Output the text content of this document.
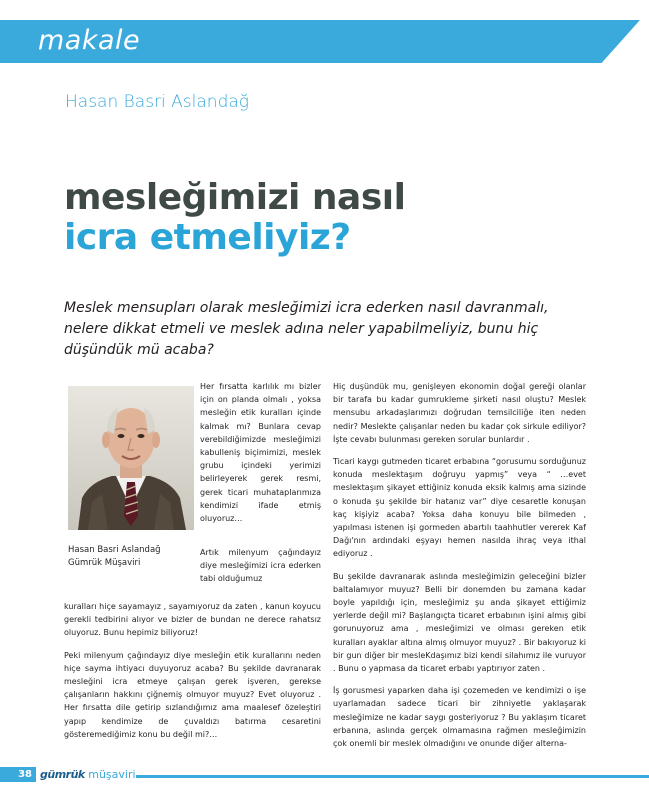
makale
Hasan Basri Aslandağ
mesleğimizi nasıl
icra etmeliyiz?
Meslek mensupları olarak mesleğimizi icra ederken nasıl davranmalı, nelere dikkat etmeli ve meslek adına neler yapabilmeliyiz, bunu hiç düşündük mü acaba?
Hasan Basri Aslandağ
Gümrük Müşaviri

Her fırsatta karlılık mı bizler için on planda olmalı , yoksa mesleğin etik kuralları içinde kalmak mı? Bunlara cevap verebildiğimizde mesleğimizi kabulleniş biçimimizi, meslek grubu içindeki yerimizi belirleyerek gerek resmi, gerek ticari muhataplarımıza kendimizi ifade etmiş oluyoruz…

Artık milenyum çağındayız diye mesleğimizi icra ederken tabi olduğumuz

kuralları hiçe sayamayız , sayamıyoruz da zaten , kanun koyucu gerekli tedbirini alıyor ve bizler de bundan ne derece rahatsız oluyoruz. Bunu hepimiz biliyoruz!

Peki milenyum çağındayız diye mesleğin etik kurallarını neden hiçe sayma ihtiyacı duyuyoruz acaba? Bu şekilde davranarak mesleğini icra etmeye çalışan gerek işveren, gerekse çalışanların hakkını çiğnemiş olmuyor muyuz? Evet oluyoruz . Her fırsatta dile getirip sızlandığımız ama maalesef özeleştiri yapıp kendimize de çuvaldızı batırma cesaretini gösteremediğimiz konu bu değil mi?…

Hiç duşündük mu, genişleyen ekonomin doğal gereği olanlar bir tarafa bu kadar gumrukleme şirketi nasıl oluştu? Meslek mensubu arkadaşlarımızı doğrudan temsilciliğe iten neden nedir? Meslekte çalışanlar neden bu kadar çok sirkule ediliyor? İşte cevabı bulunması gereken sorular bunlardır .

Ticari kaygı gutmeden ticaret erbabına “gorusumu sorduğunuz konuda meslektaşım doğruyu yapmış” veya “ …evet meslektaşım şikayet ettiğiniz konuda eksik kalmış ama sizinde o konuda şu şekilde bir hatanız var” diye cesaretle konuşan kaç kişiyiz acaba? Yoksa daha konuyu bile bilmeden , yapılması istenen işi gormeden abartılı taahhutler vererek Kaf Dağı'nın ardındaki eşyayı hemen nasılda ihraç veya ithal ediyoruz .

Bu şekilde davranarak aslında mesleğimizin geleceğini bizler baltalamıyor muyuz? Belli bir donemden bu zamana kadar boyle yapıldığı için, mesleğimiz şu anda şikayet ettiğimiz yerlerde değil mi? Başlangıçta ticaret erbabının işini almış gibi gorunuyoruz ama , mesleğimizi ve olması gereken etik kuralları ayaklar altına almış olmuyor muyuz? . Bir bakıyoruz ki bir gun diğer bir mesleKdaşımız bizi kendi silahımız ile vuruyor . Bunu o yapmasa da ticaret erbabı yaptırıyor zaten .

İş gorusmesi yaparken daha işi çozemeden ve kendimizi o işe uyarlamadan sadece ticari bir zihniyetle yaklaşarak mesleğimize ne kadar saygı gosteriyoruz ? Bu yaklaşım ticaret erbanına, aslında gerçek olmamasına rağmen mesleğimizin çok onemli bir meslek olmadığını ve onunde diğer alterna-

38 gümrük müşaviri
